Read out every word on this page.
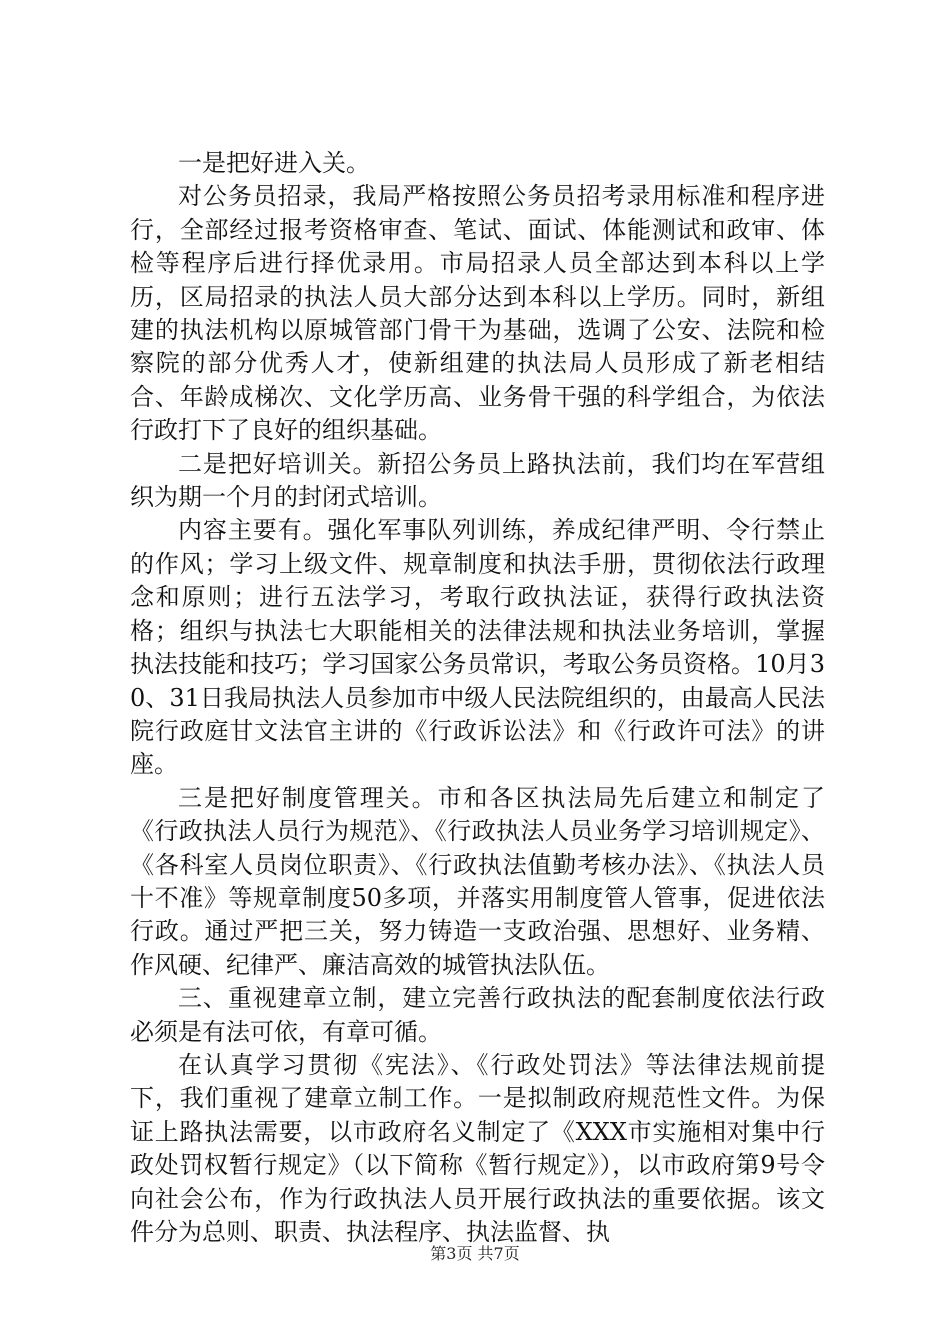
一是把好进入关。

对公务员招录，我局严格按照公务员招考录用标准和程序进行，全部经过报考资格审查、笔试、面试、体能测试和政审、体检等程序后进行择优录用。市局招录人员全部达到本科以上学历，区局招录的执法人员大部分达到本科以上学历。同时，新组建的执法机构以原城管部门骨干为基础，选调了公安、法院和检察院的部分优秀人才，使新组建的执法局人员形成了新老相结合、年龄成梯次、文化学历高、业务骨干强的科学组合，为依法行政打下了良好的组织基础。

二是把好培训关。新招公务员上路执法前，我们均在军营组织为期一个月的封闭式培训。

内容主要有。强化军事队列训练，养成纪律严明、令行禁止的作风；学习上级文件、规章制度和执法手册，贯彻依法行政理念和原则；进行五法学习，考取行政执法证，获得行政执法资格；组织与执法七大职能相关的法律法规和执法业务培训，掌握执法技能和技巧；学习国家公务员常识，考取公务员资格。10月30、31日我局执法人员参加市中级人民法院组织的，由最高人民法院行政庭甘文法官主讲的《行政诉讼法》和《行政许可法》的讲座。

三是把好制度管理关。市和各区执法局先后建立和制定了《行政执法人员行为规范》、《行政执法人员业务学习培训规定》、《各科室人员岗位职责》、《行政执法值勤考核办法》、《执法人员十不准》等规章制度50多项，并落实用制度管人管事，促进依法行政。通过严把三关，努力铸造一支政治强、思想好、业务精、作风硬、纪律严、廉洁高效的城管执法队伍。

三、重视建章立制，建立完善行政执法的配套制度依法行政必须是有法可依，有章可循。

在认真学习贯彻《宪法》、《行政处罚法》等法律法规前提下，我们重视了建章立制工作。一是拟制政府规范性文件。为保证上路执法需要，以市政府名义制定了《XXX市实施相对集中行政处罚权暂行规定》（以下简称《暂行规定》），以市政府第9号令向社会公布，作为行政执法人员开展行政执法的重要依据。该文件分为总则、职责、执法程序、执法监督、执

第3页 共7页
